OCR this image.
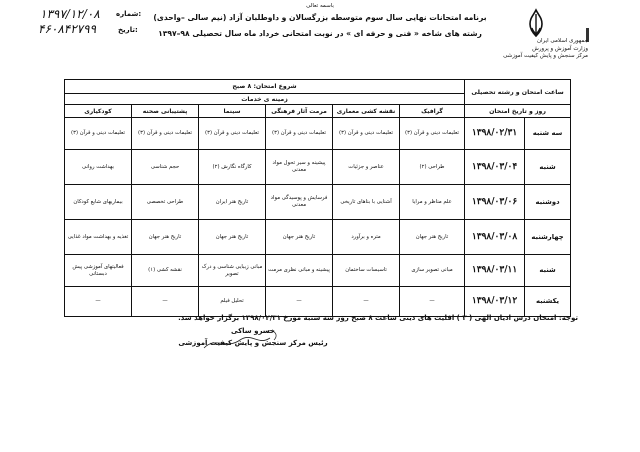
جمهوری اسلامی ایران
وزارت آموزش و پرورش
مرکز سنجش و پایش کیفیت آموزشی
باسمه تعالی
برنامه امتحانات نهایی سال سوم متوسطه بزرگسالان و داوطلبان آزاد (نیم سالی –واحدی)
رشته های شاخه « فنی و حرفه ای » در نوبت امتحانی خرداد ماه سال تحصیلی ۹۸–۱۳۹۷
۱۳۹۷/۱۲/۰۸ شماره:
۴۶۰۸۴۲۷۹۹	تاریخ:
ساعت امتحان و رشته تحصیلی		شروع امتحان: ۸ صبح					
		زمینه ی خدمات					
روز و تاریخ امتحان		گرافیک	نقشه کشی معماری	مرمت آثار فرهنگی	سینما	پشتیبانی صحنه	کودکیاری
سه شنبه	۱۳۹۸/۰۲/۳۱	تعلیمات دینی و قرآن (۳)	تعلیمات دینی و قرآن (۳)	تعلیمات دینی و قرآن (۳)	تعلیمات دینی و قرآن (۳)	تعلیمات دینی و قرآن (۳)	تعلیمات دینی و قرآن (۳)
شنبه	۱۳۹۸/۰۳/۰۴	طراحی (۲)	عناصر و جزئیات	پیشینه و سیر تحول مواد معدنی	کارگاه نگارش (۲)	حجم شناسی	بهداشت روانی
دوشنبه	۱۳۹۸/۰۳/۰۶	علم مناظر و مرایا	آشنایی با بناهای تاریخی	فرسایش و پوسیدگی مواد معدنی	تاریخ هنر ایران	طراحی تخصصی	بیماریهای شایع کودکان
چهارشنبه	۱۳۹۸/۰۳/۰۸	تاریخ هنر جهان	متره و برآورد	تاریخ هنر جهان	تاریخ هنر جهان	تاریخ هنر جهان	تغذیه و بهداشت مواد غذایی
شنبه	۱۳۹۸/۰۳/۱۱	مبانی تصویر سازی	تاسیسات ساختمان	پیشینه و مبانی نظری مرمت	مبانی زیبایی شناسی و درک تصویر	نقشه کشی (۱)	فعالیتهای آموزشی پیش دبستانی
یکشنبه	۱۳۹۸/۰۳/۱۲	—	—	—	تحلیل فیلم	—	—
توجه: امتحان درس ادیان الهی ( ۳ ) اقلیت های دینی ساعت ۸ صبح روز سه شنبه مورخ ۱۳۹۸/۰۲/۳۱ برگزار خواهد شد.
خسرو ساکی
رئیس مرکز سنجش و پایش کیفیت آموزشی
